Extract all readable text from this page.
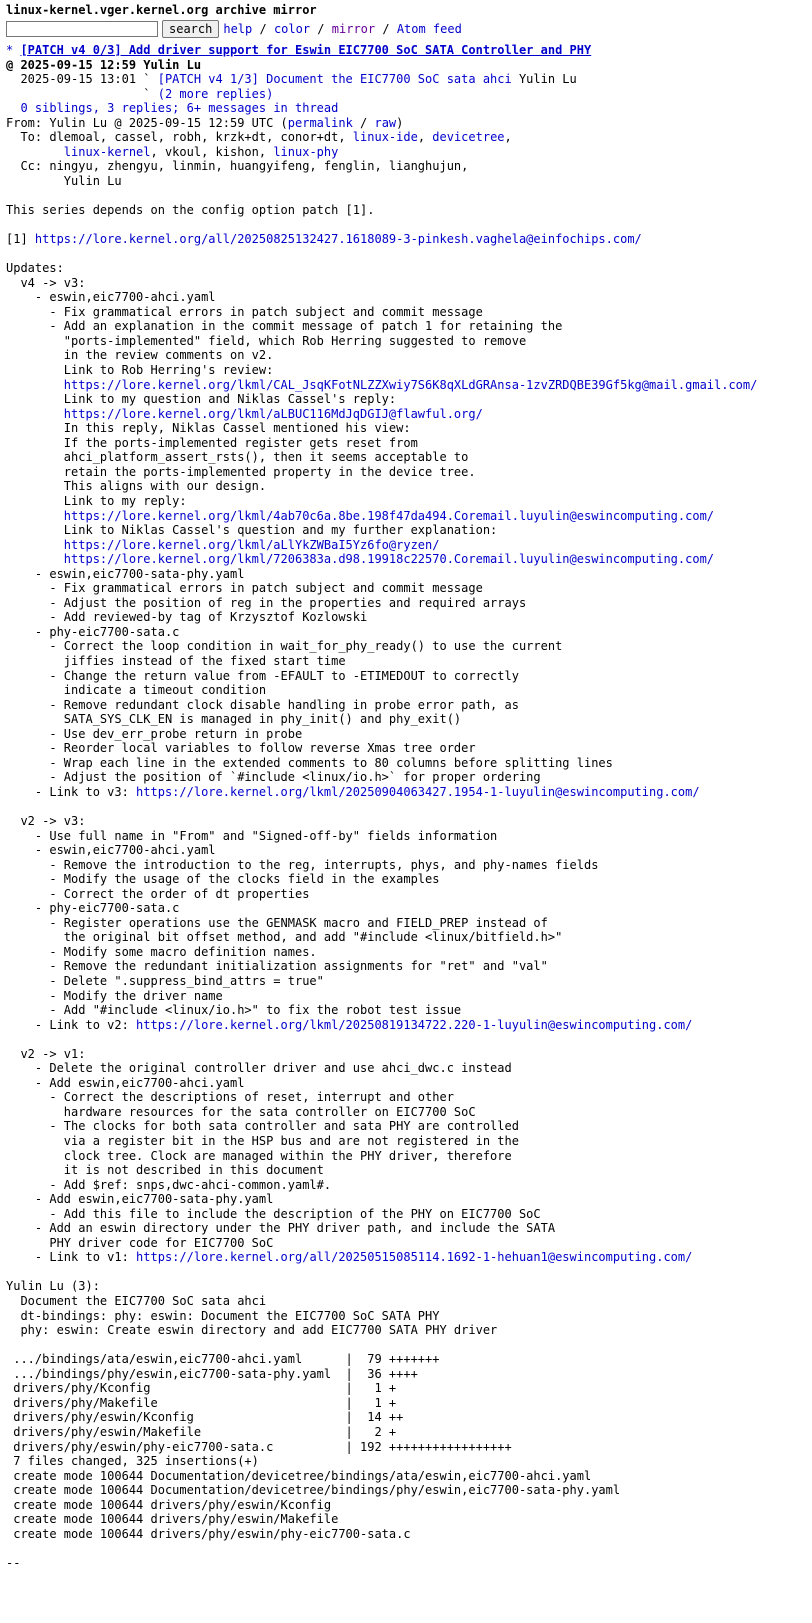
linux-kernel.vger.kernel.org archive mirror
search help / color / mirror / Atom feed
* [PATCH v4 0/3] Add driver support for Eswin EIC7700 SoC SATA Controller and PHY
@ 2025-09-15 12:59 Yulin Lu
2025-09-15 13:01 ` [PATCH v4 1/3] Document the EIC7700 SoC sata ahci Yulin Lu
` (2 more replies)
0 siblings, 3 replies; 6+ messages in thread
From: Yulin Lu @ 2025-09-15 12:59 UTC (permalink / raw)
To: dlemoal, cassel, robh, krzk+dt, conor+dt, linux-ide, devicetree,
linux-kernel, vkoul, kishon, linux-phy
Cc: ningyu, zhengyu, linmin, huangyifeng, fenglin, lianghujun,
Yulin Lu

This series depends on the config option patch [1].

[1] https://lore.kernel.org/all/20250825132427.1618089-3-pinkesh.vaghela@einfochips.com/

Updates:
v4 -> v3:
- eswin,eic7700-ahci.yaml
- Fix grammatical errors in patch subject and commit message
- Add an explanation in the commit message of patch 1 for retaining the
"ports-implemented" field, which Rob Herring suggested to remove
in the review comments on v2.
Link to Rob Herring's review:
https://lore.kernel.org/lkml/CAL_JsqKFotNLZZXwiy7S6K8qXLdGRAnsa-1zvZRDQBE39Gf5kg@mail.gmail.com/
Link to my question and Niklas Cassel's reply:
https://lore.kernel.org/lkml/aLBUC116MdJqDGIJ@flawful.org/
In this reply, Niklas Cassel mentioned his view:
If the ports-implemented register gets reset from
ahci_platform_assert_rsts(), then it seems acceptable to
retain the ports-implemented property in the device tree.
This aligns with our design.
Link to my reply:
https://lore.kernel.org/lkml/4ab70c6a.8be.198f47da494.Coremail.luyulin@eswincomputing.com/
Link to Niklas Cassel's question and my further explanation:
https://lore.kernel.org/lkml/aLlYkZWBaI5Yz6fo@ryzen/
https://lore.kernel.org/lkml/7206383a.d98.19918c22570.Coremail.luyulin@eswincomputing.com/
- eswin,eic7700-sata-phy.yaml
- Fix grammatical errors in patch subject and commit message
- Adjust the position of reg in the properties and required arrays
- Add reviewed-by tag of Krzysztof Kozlowski
- phy-eic7700-sata.c
- Correct the loop condition in wait_for_phy_ready() to use the current
jiffies instead of the fixed start time
- Change the return value from -EFAULT to -ETIMEDOUT to correctly
indicate a timeout condition
- Remove redundant clock disable handling in probe error path, as
SATA_SYS_CLK_EN is managed in phy_init() and phy_exit()
- Use dev_err_probe return in probe
- Reorder local variables to follow reverse Xmas tree order
- Wrap each line in the extended comments to 80 columns before splitting lines
- Adjust the position of `#include <linux/io.h>` for proper ordering
- Link to v3: https://lore.kernel.org/lkml/20250904063427.1954-1-luyulin@eswincomputing.com/

v2 -> v3:
- Use full name in "From" and "Signed-off-by" fields information
- eswin,eic7700-ahci.yaml
- Remove the introduction to the reg, interrupts, phys, and phy-names fields
- Modify the usage of the clocks field in the examples
- Correct the order of dt properties
- phy-eic7700-sata.c
- Register operations use the GENMASK macro and FIELD_PREP instead of
the original bit offset method, and add "#include <linux/bitfield.h>"
- Modify some macro definition names.
- Remove the redundant initialization assignments for "ret" and "val"
- Delete ".suppress_bind_attrs = true"
- Modify the driver name
- Add "#include <linux/io.h>" to fix the robot test issue
- Link to v2: https://lore.kernel.org/lkml/20250819134722.220-1-luyulin@eswincomputing.com/

v2 -> v1:
- Delete the original controller driver and use ahci_dwc.c instead
- Add eswin,eic7700-ahci.yaml
- Correct the descriptions of reset, interrupt and other
hardware resources for the sata controller on EIC7700 SoC
- The clocks for both sata controller and sata PHY are controlled
via a register bit in the HSP bus and are not registered in the
clock tree. Clock are managed within the PHY driver, therefore
it is not described in this document
- Add $ref: snps,dwc-ahci-common.yaml#.
- Add eswin,eic7700-sata-phy.yaml
- Add this file to include the description of the PHY on EIC7700 SoC
- Add an eswin directory under the PHY driver path, and include the SATA
PHY driver code for EIC7700 SoC
- Link to v1: https://lore.kernel.org/all/20250515085114.1692-1-hehuan1@eswincomputing.com/

Yulin Lu (3):
Document the EIC7700 SoC sata ahci
dt-bindings: phy: eswin: Document the EIC7700 SoC SATA PHY
phy: eswin: Create eswin directory and add EIC7700 SATA PHY driver

.../bindings/ata/eswin,eic7700-ahci.yaml      |  79 +++++++
.../bindings/phy/eswin,eic7700-sata-phy.yaml  |  36 ++++
drivers/phy/Kconfig                           |   1 +
drivers/phy/Makefile                          |   1 +
drivers/phy/eswin/Kconfig                     |  14 ++
drivers/phy/eswin/Makefile                    |   2 +
drivers/phy/eswin/phy-eic7700-sata.c          | 192 +++++++++++++++++
7 files changed, 325 insertions(+)
create mode 100644 Documentation/devicetree/bindings/ata/eswin,eic7700-ahci.yaml
create mode 100644 Documentation/devicetree/bindings/phy/eswin,eic7700-sata-phy.yaml
create mode 100644 drivers/phy/eswin/Kconfig
create mode 100644 drivers/phy/eswin/Makefile
create mode 100644 drivers/phy/eswin/phy-eic7700-sata.c

--
